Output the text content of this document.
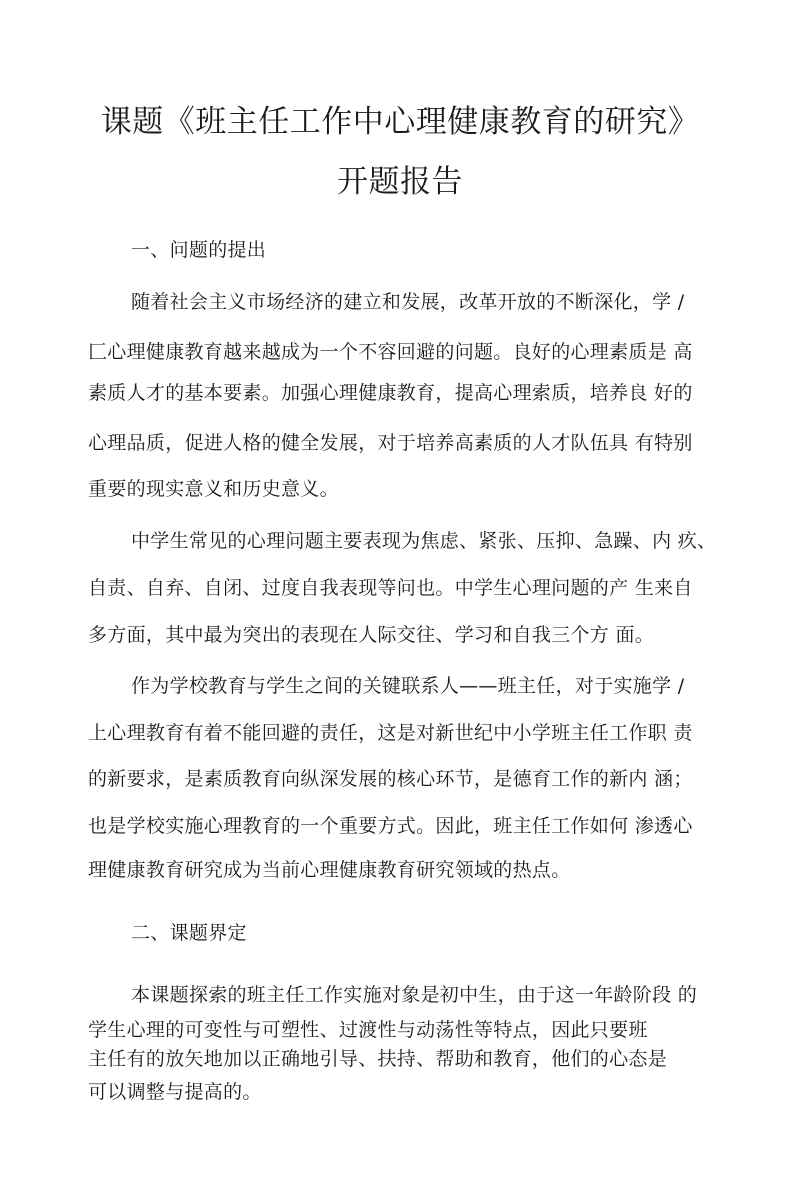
课题《班主任工作中心理健康教育的研究》
开题报告
一、问题的提出
随着社会主义市场经济的建立和发展，改革开放的不断深化，学 /
匚心理健康教育越来越成为一个不容回避的问题。良好的心理素质是 高
素质人才的基本要素。加强心理健康教育，提高心理索质，培养良 好的
心理品质，促进人格的健全发展，对于培养高素质的人才队伍具 有特别
重要的现实意义和历史意义。
中学生常见的心理问题主要表现为焦虑、紧张、压抑、急躁、内 疚、
自责、自弃、自闭、过度自我表现等问也。中学生心理问题的产 生来自
多方面，其中最为突出的表现在人际交往、学习和自我三个方 面。
作为学校教育与学生之间的关键联系人——班主任，对于实施学 /
上心理教育有着不能回避的责任，这是对新世纪中小学班主任工作职 责
的新要求，是素质教育向纵深发展的核心环节，是德育工作的新内 涵；
也是学校实施心理教育的一个重要方式。因此，班主任工作如何 渗透心
理健康教育研究成为当前心理健康教育研究领域的热点。
二、课题界定
本课题探索的班主任工作实施对象是初中生，由于这一年龄阶段 的
学生心理的可变性与可塑性、过渡性与动荡性等特点，因此只要班
主任有的放矢地加以正确地引导、扶持、帮助和教育，他们的心态是
可以调整与提高的。
